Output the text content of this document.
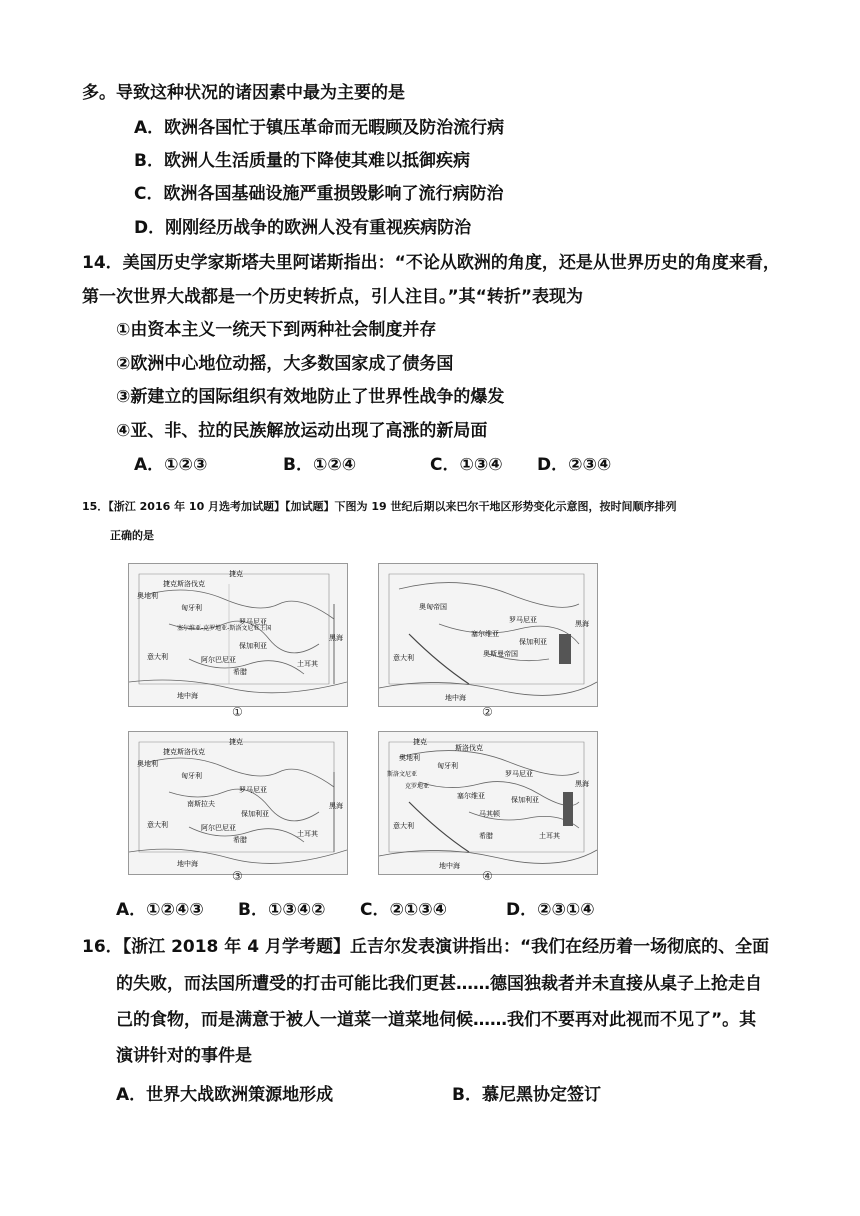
多。导致这种状况的诸因素中最为主要的是
A．欧洲各国忙于镇压革命而无暇顾及防治流行病
B．欧洲人生活质量的下降使其难以抵御疾病
C．欧洲各国基础设施严重损毁影响了流行病防治
D．刚刚经历战争的欧洲人没有重视疾病防治
14．美国历史学家斯塔夫里阿诺斯指出：“不论从欧洲的角度，还是从世界历史的角度来看，
第一次世界大战都是一个历史转折点，引人注目。”其“转折”表现为
①由资本主义一统天下到两种社会制度并存
②欧洲中心地位动摇，大多数国家成了债务国
③新建立的国际组织有效地防止了世界性战争的爆发
④亚、非、拉的民族解放运动出现了高涨的新局面
A．①②③	B．①②④	C．①③④ D．②③④
15．【浙江 2016 年 10 月选考加试题】【加试题】下图为 19 世纪后期以来巴尔干地区形势变化示意图，按时间顺序排列
正确的是
捷克
捷克斯洛伐克
奥地利
匈牙利
罗马尼亚
塞尔维亚-克罗地亚-斯洛文尼亚王国
保加利亚
意大利	阿尔巴尼亚
希腊
土耳其
地中海
黑海
①
奥匈帝国
罗马尼亚
塞尔维亚
保加利亚
意大利	奥斯曼帝国
地中海
黑海
②
捷克
捷克斯洛伐克
奥地利
匈牙利
罗马尼亚
南斯拉夫
保加利亚
意大利	阿尔巴尼亚
希腊
土耳其
地中海
黑海
③
捷克
斯洛伐克
奥地利
匈牙利
罗马尼亚
斯洛文尼亚
克罗地亚
塞尔维亚	保加利亚
意大利
马其顿
希腊	土耳其
地中海
黑海
④
A．①②④③ B．①③④② C．②①③④	D．②③①④
16．【浙江 2018 年 4 月学考题】丘吉尔发表演讲指出：“我们在经历着一场彻底的、全面
的失败，而法国所遭受的打击可能比我们更甚……德国独裁者并未直接从桌子上抢走自
己的食物，而是满意于被人一道菜一道菜地伺候……我们不要再对此视而不见了”。其
演讲针对的事件是
A．世界大战欧洲策源地形成	B．慕尼黑协定签订
